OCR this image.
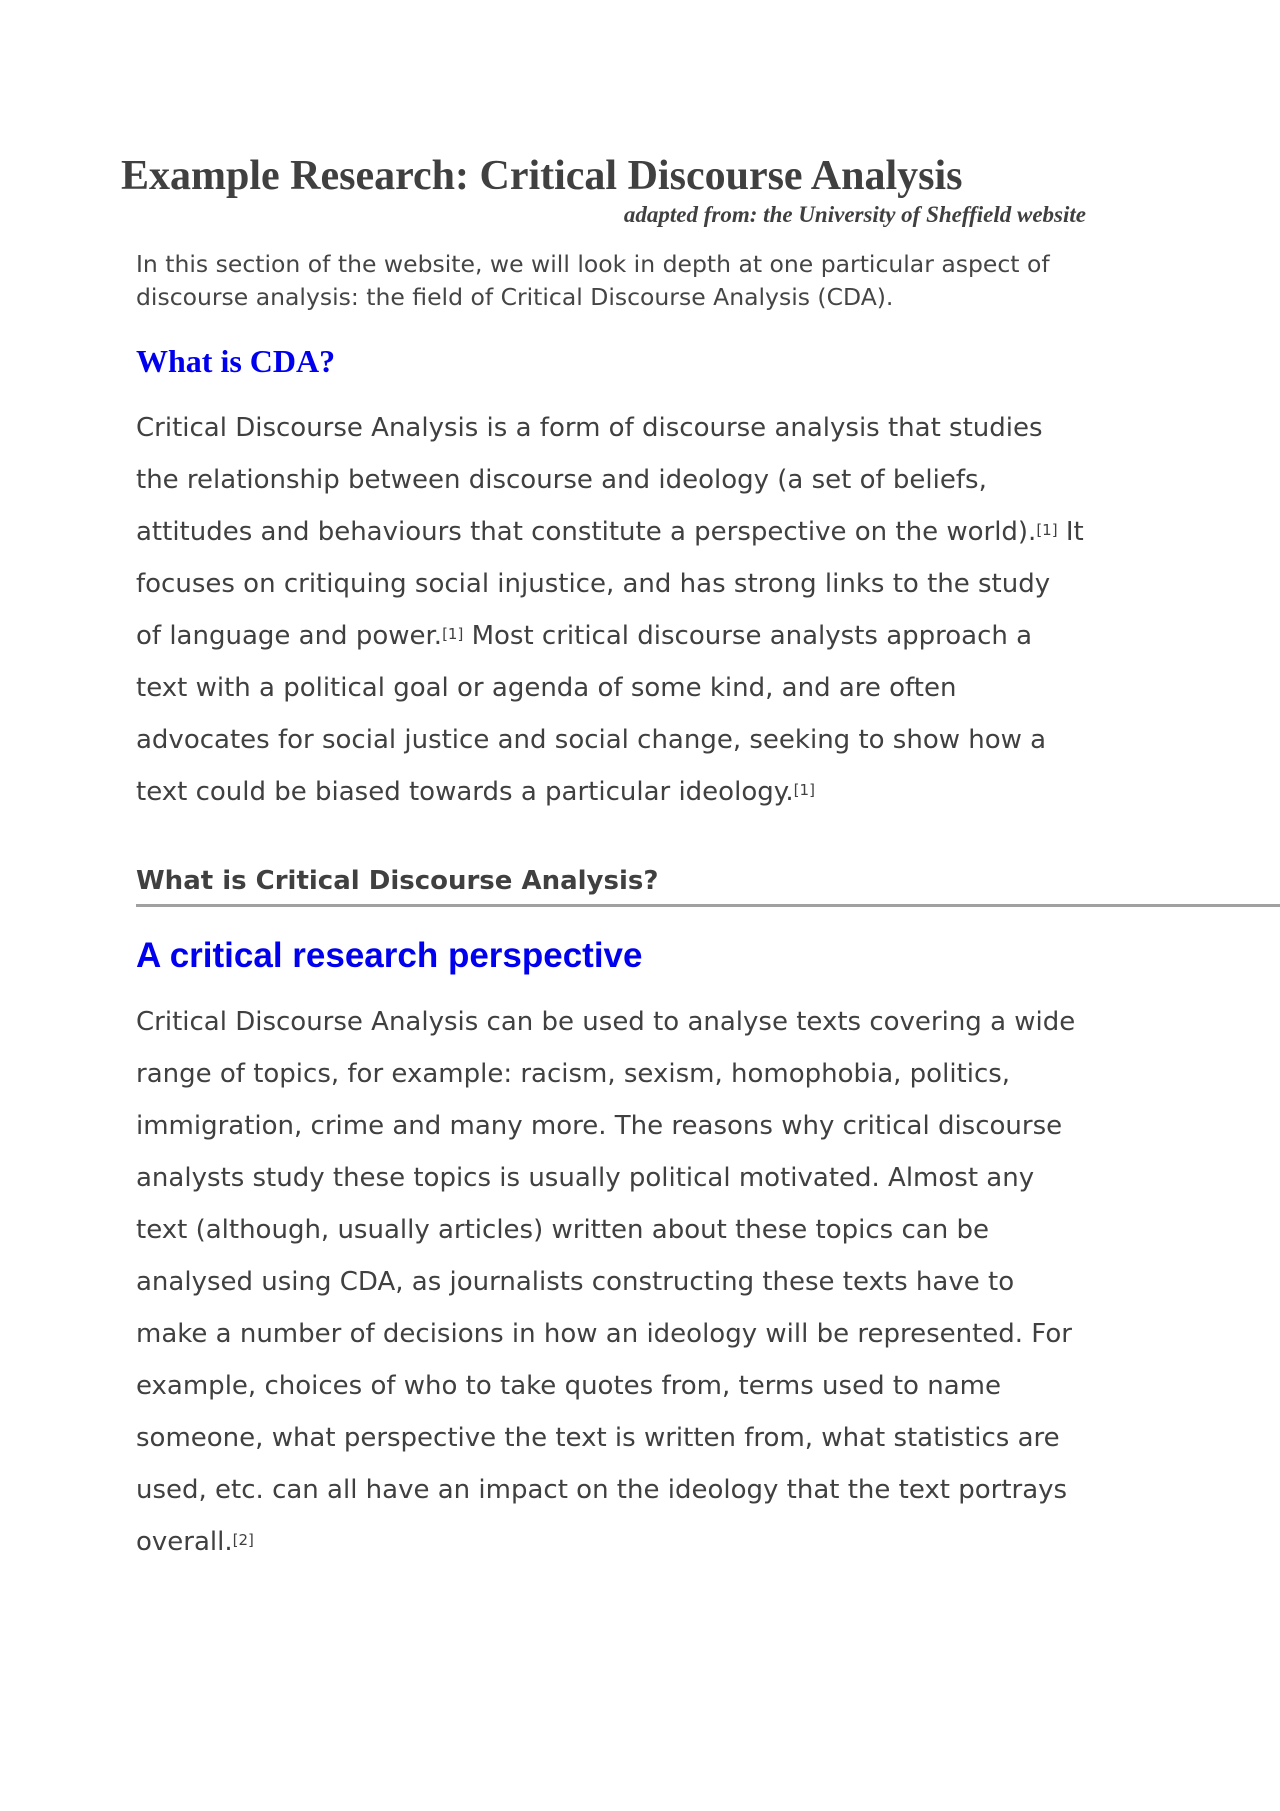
Example Research: Critical Discourse Analysis
adapted from: the University of Sheffield website
In this section of the website, we will look in depth at one particular aspect of
discourse analysis: the field of Critical Discourse Analysis (CDA).
What is CDA?
Critical Discourse Analysis is a form of discourse analysis that studies
the relationship between discourse and ideology (a set of beliefs,
attitudes and behaviours that constitute a perspective on the world).[1] It
focuses on critiquing social injustice, and has strong links to the study
of language and power.[1] Most critical discourse analysts approach a
text with a political goal or agenda of some kind, and are often
advocates for social justice and social change, seeking to show how a
text could be biased towards a particular ideology.[1]
What is Critical Discourse Analysis?
A critical research perspective
Critical Discourse Analysis can be used to analyse texts covering a wide
range of topics, for example: racism, sexism, homophobia, politics,
immigration, crime and many more. The reasons why critical discourse
analysts study these topics is usually political motivated. Almost any
text (although, usually articles) written about these topics can be
analysed using CDA, as journalists constructing these texts have to
make a number of decisions in how an ideology will be represented. For
example, choices of who to take quotes from, terms used to name
someone, what perspective the text is written from, what statistics are
used, etc. can all have an impact on the ideology that the text portrays
overall.[2]
